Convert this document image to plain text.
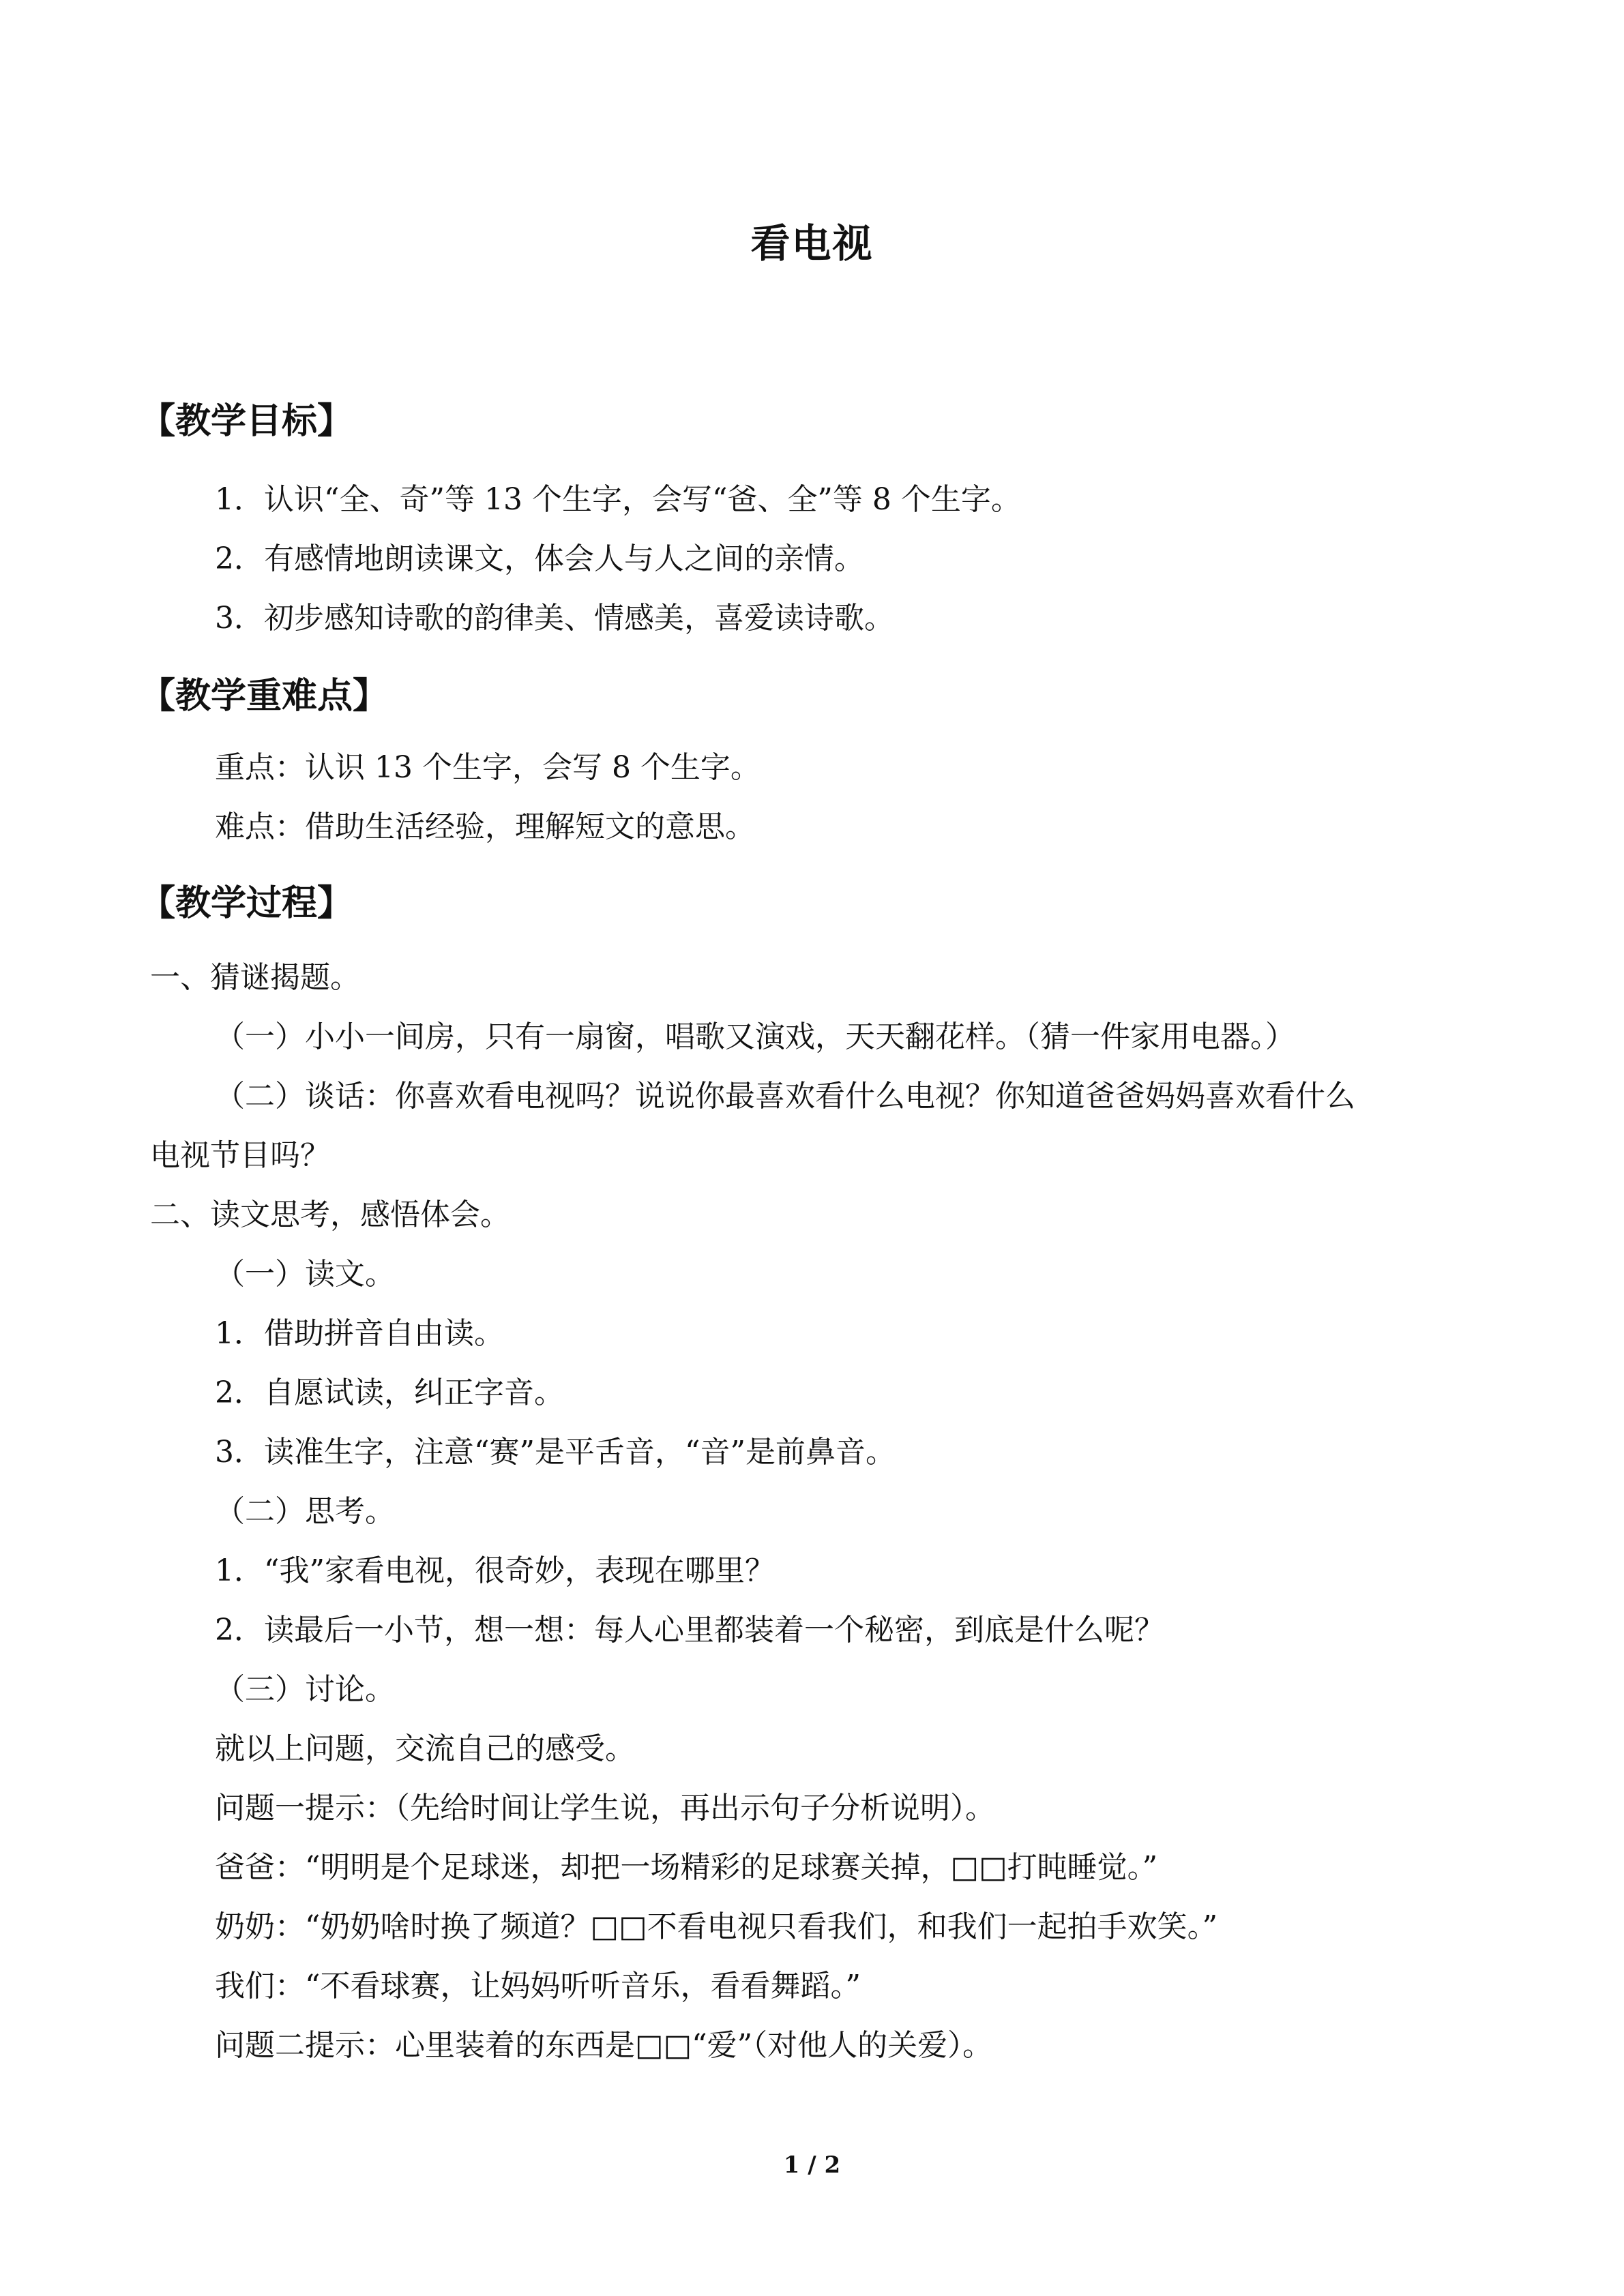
看电视
【教学目标】
1．认识“全、奇”等 13 个生字，会写“爸、全”等 8 个生字。
2．有感情地朗读课文，体会人与人之间的亲情。
3．初步感知诗歌的韵律美、情感美，喜爱读诗歌。
【教学重难点】
重点：认识 13 个生字，会写 8 个生字。
难点：借助生活经验，理解短文的意思。
【教学过程】
一、猜谜揭题。
（一）小小一间房，只有一扇窗，唱歌又演戏，天天翻花样。（猜一件家用电器。）
（二）谈话：你喜欢看电视吗？说说你最喜欢看什么电视？你知道爸爸妈妈喜欢看什么
电视节目吗？
二、读文思考，感悟体会。
（一）读文。
1．借助拼音自由读。
2．自愿试读，纠正字音。
3．读准生字，注意“赛”是平舌音，“音”是前鼻音。
（二）思考。
1．“我”家看电视，很奇妙，表现在哪里？
2．读最后一小节，想一想：每人心里都装着一个秘密，到底是什么呢？
（三）讨论。
就以上问题，交流自己的感受。
问题一提示：（先给时间让学生说，再出示句子分析说明）。
爸爸：“明明是个足球迷，却把一场精彩的足球赛关掉，□□打盹睡觉。”
奶奶：“奶奶啥时换了频道？□□不看电视只看我们，和我们一起拍手欢笑。”
我们：“不看球赛，让妈妈听听音乐，看看舞蹈。”
问题二提示：心里装着的东西是□□“爱”（对他人的关爱）。
1 / 2
